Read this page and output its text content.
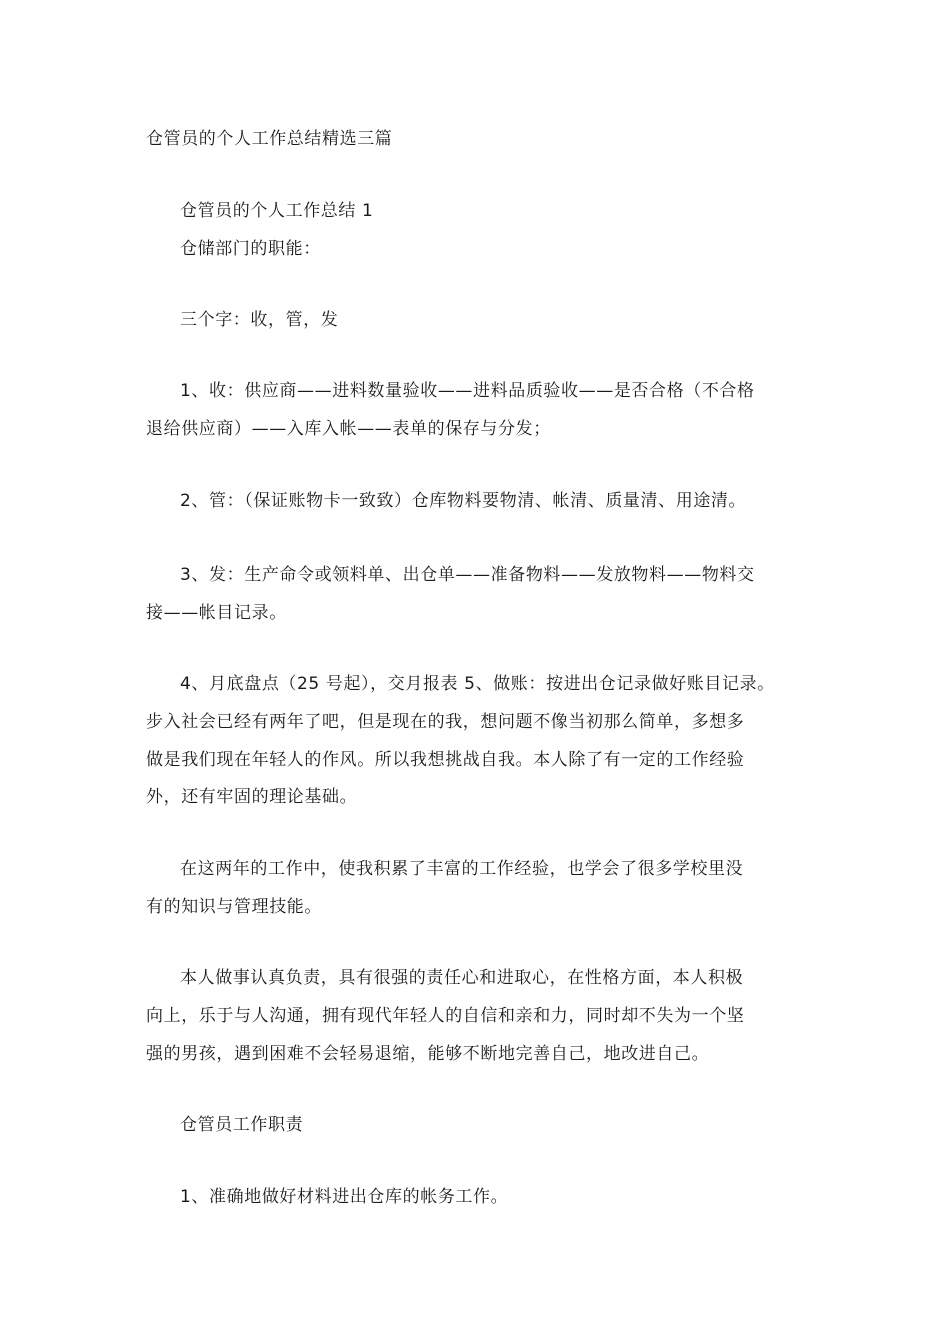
仓管员的个人工作总结精选三篇
仓管员的个人工作总结 1
仓储部门的职能：
三个字：收，管，发
1、收：供应商——进料数量验收——进料品质验收——是否合格（不合格
退给供应商）——入库入帐——表单的保存与分发；
2、管：（保证账物卡一致致）仓库物料要物清、帐清、质量清、用途清。
3、发：生产命令或领料单、出仓单——准备物料——发放物料——物料交
接——帐目记录。
4、月底盘点（25 号起），交月报表 5、做账：按进出仓记录做好账目记录。
步入社会已经有两年了吧，但是现在的我，想问题不像当初那么简单，多想多
做是我们现在年轻人的作风。所以我想挑战自我。本人除了有一定的工作经验
外，还有牢固的理论基础。
在这两年的工作中，使我积累了丰富的工作经验，也学会了很多学校里没
有的知识与管理技能。
本人做事认真负责，具有很强的责任心和进取心，在性格方面，本人积极
向上，乐于与人沟通，拥有现代年轻人的自信和亲和力，同时却不失为一个坚
强的男孩，遇到困难不会轻易退缩，能够不断地完善自己，地改进自己。
仓管员工作职责
1、准确地做好材料进出仓库的帐务工作。
